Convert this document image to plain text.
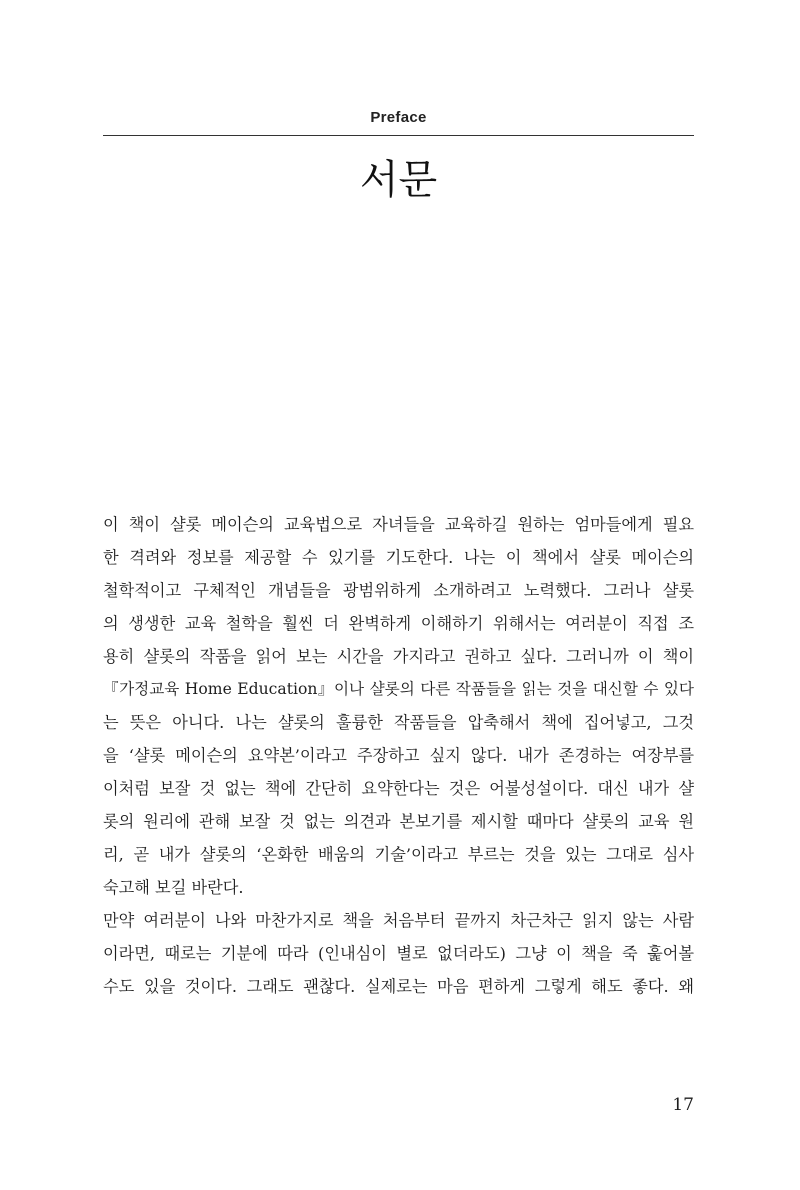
Preface
서문
이 책이 샬롯 메이슨의 교육법으로 자녀들을 교육하길 원하는 엄마들에게 필요
한 격려와 정보를 제공할 수 있기를 기도한다. 나는 이 책에서 샬롯 메이슨의
철학적이고 구체적인 개념들을 광범위하게 소개하려고 노력했다. 그러나 샬롯
의 생생한 교육 철학을 훨씬 더 완벽하게 이해하기 위해서는 여러분이 직접 조
용히 샬롯의 작품을 읽어 보는 시간을 가지라고 권하고 싶다. 그러니까 이 책이
『가정교육 Home Education』이나 샬롯의 다른 작품들을 읽는 것을 대신할 수 있다
는 뜻은 아니다. 나는 샬롯의 훌륭한 작품들을 압축해서 책에 집어넣고, 그것
을 ‘샬롯 메이슨의 요약본’이라고 주장하고 싶지 않다. 내가 존경하는 여장부를
이처럼 보잘 것 없는 책에 간단히 요약한다는 것은 어불성설이다. 대신 내가 샬
롯의 원리에 관해 보잘 것 없는 의견과 본보기를 제시할 때마다 샬롯의 교육 원
리, 곧 내가 샬롯의 ‘온화한 배움의 기술’이라고 부르는 것을 있는 그대로 심사
숙고해 보길 바란다.
만약 여러분이 나와 마찬가지로 책을 처음부터 끝까지 차근차근 읽지 않는 사람
이라면, 때로는 기분에 따라 (인내심이 별로 없더라도) 그냥 이 책을 죽 훑어볼
수도 있을 것이다. 그래도 괜찮다. 실제로는 마음 편하게 그렇게 해도 좋다. 왜
17
